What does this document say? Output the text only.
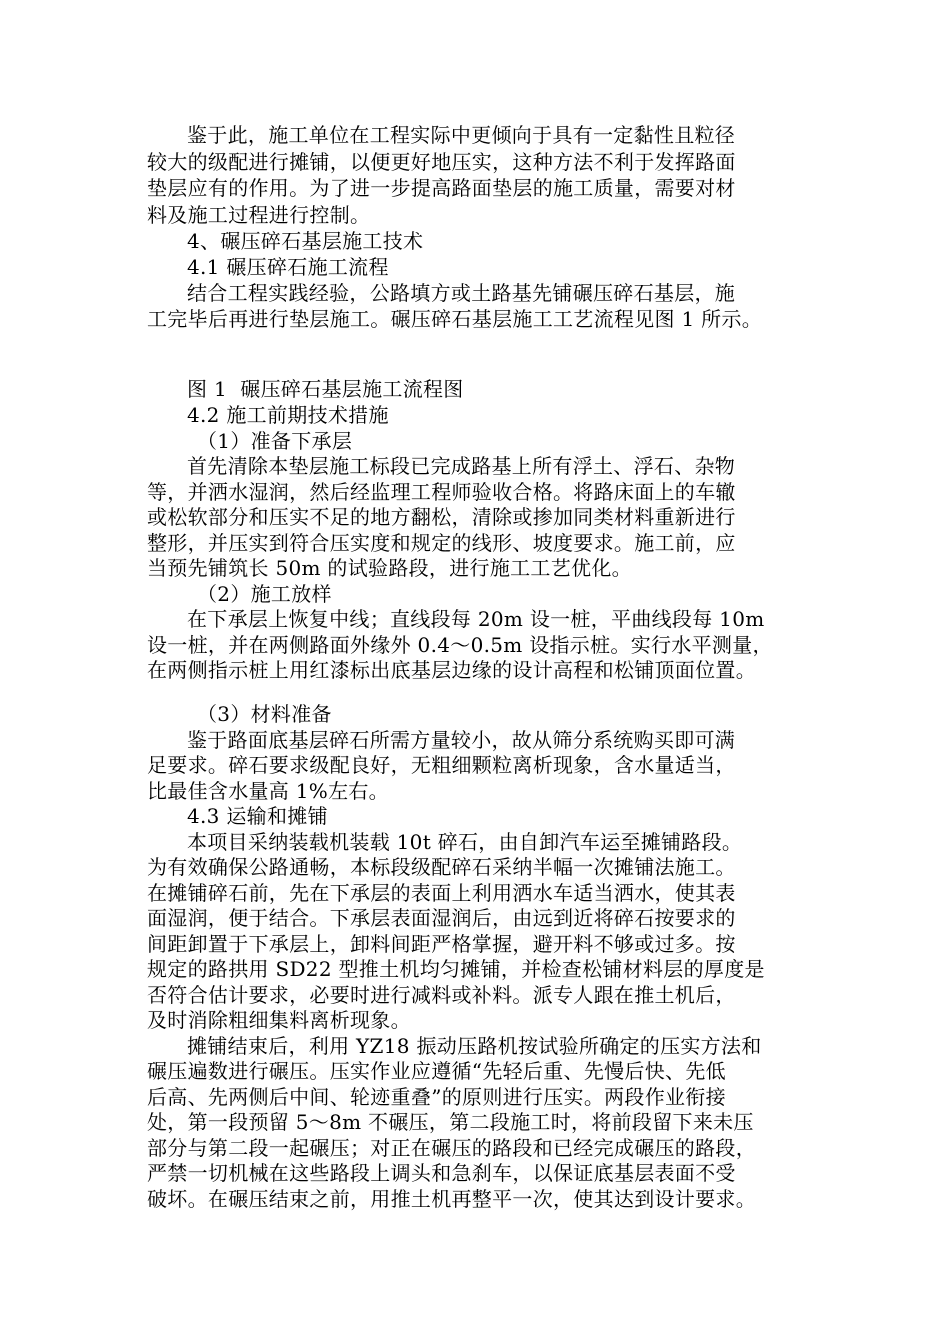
鉴于此，施工单位在工程实际中更倾向于具有一定黏性且粒径
较大的级配进行摊铺，以便更好地压实，这种方法不利于发挥路面
垫层应有的作用。为了进一步提高路面垫层的施工质量，需要对材
料及施工过程进行控制。
4、碾压碎石基层施工技术
4.1 碾压碎石施工流程
结合工程实践经验，公路填方或土路基先铺碾压碎石基层，施
工完毕后再进行垫层施工。碾压碎石基层施工工艺流程见图 1 所示。
图 1  碾压碎石基层施工流程图
4.2 施工前期技术措施
（1）准备下承层
首先清除本垫层施工标段已完成路基上所有浮土、浮石、杂物
等，并洒水湿润，然后经监理工程师验收合格。将路床面上的车辙
或松软部分和压实不足的地方翻松，清除或掺加同类材料重新进行
整形，并压实到符合压实度和规定的线形、坡度要求。施工前，应
当预先铺筑长 50m 的试验路段，进行施工工艺优化。
（2）施工放样
在下承层上恢复中线；直线段每 20m 设一桩，平曲线段每 10m
设一桩，并在两侧路面外缘外 0.4～0.5m 设指示桩。实行水平测量，
在两侧指示桩上用红漆标出底基层边缘的设计高程和松铺顶面位置。
（3）材料准备
鉴于路面底基层碎石所需方量较小，故从筛分系统购买即可满
足要求。碎石要求级配良好，无粗细颗粒离析现象，含水量适当，
比最佳含水量高 1%左右。
4.3 运输和摊铺
本项目采纳装载机装载 10t 碎石，由自卸汽车运至摊铺路段。
为有效确保公路通畅，本标段级配碎石采纳半幅一次摊铺法施工。
在摊铺碎石前，先在下承层的表面上利用洒水车适当洒水，使其表
面湿润，便于结合。下承层表面湿润后，由远到近将碎石按要求的
间距卸置于下承层上，卸料间距严格掌握，避开料不够或过多。按
规定的路拱用 SD22 型推土机均匀摊铺，并检查松铺材料层的厚度是
否符合估计要求，必要时进行减料或补料。派专人跟在推土机后，
及时消除粗细集料离析现象。
摊铺结束后，利用 YZ18 振动压路机按试验所确定的压实方法和
碾压遍数进行碾压。压实作业应遵循“先轻后重、先慢后快、先低
后高、先两侧后中间、轮迹重叠”的原则进行压实。两段作业衔接
处，第一段预留 5～8m 不碾压，第二段施工时，将前段留下来未压
部分与第二段一起碾压；对正在碾压的路段和已经完成碾压的路段，
严禁一切机械在这些路段上调头和急刹车，以保证底基层表面不受
破坏。在碾压结束之前，用推土机再整平一次，使其达到设计要求。
